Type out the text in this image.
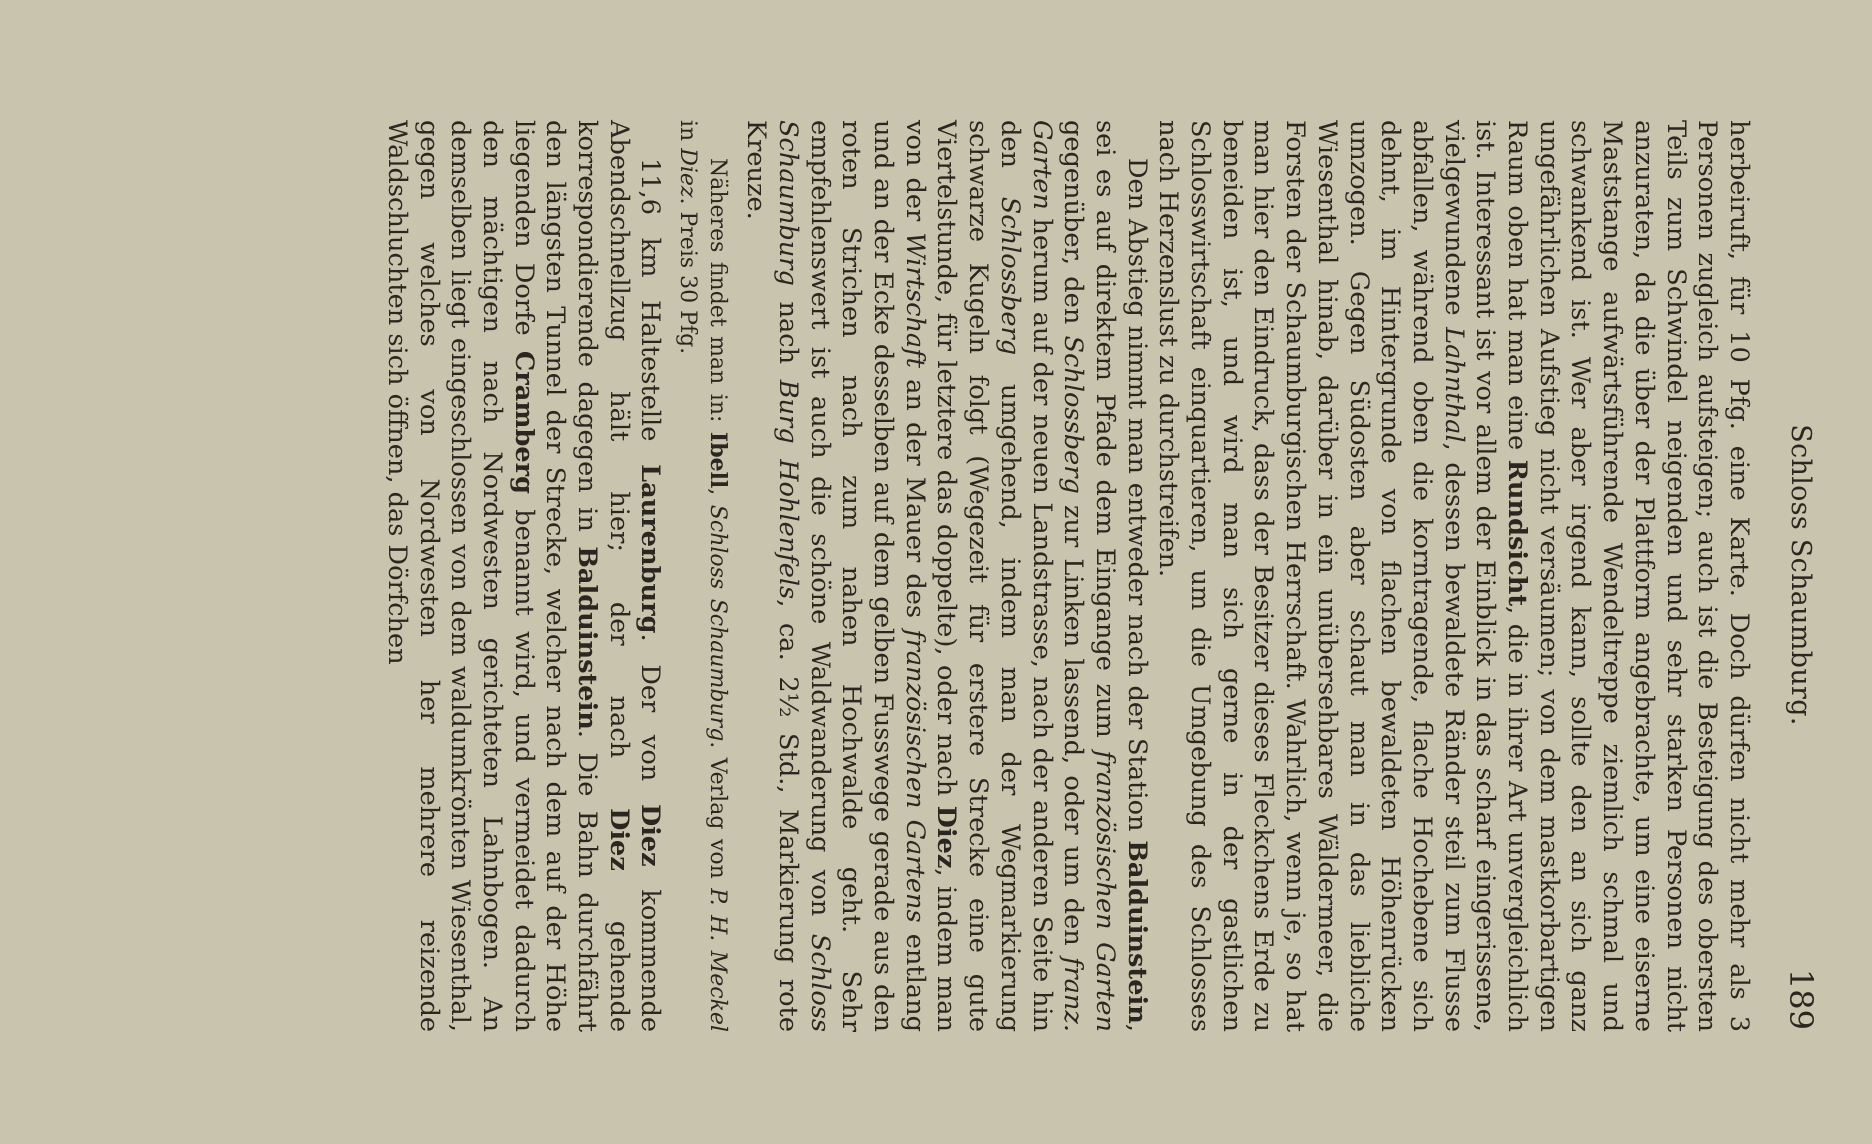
Schloss Schaumburg.
189

herbeiruft, für 10 Pfg. eine Karte. Doch dürfen nicht mehr als 3 Personen zugleich aufsteigen; auch ist die Besteigung des obersten Teils zum Schwindel neigenden und sehr starken Personen nicht anzuraten, da die über der Plattform angebrachte, um eine eiserne Maststange aufwärtsführende Wendeltreppe ziemlich schmal und schwankend ist. Wer aber irgend kann, sollte den an sich ganz ungefährlichen Aufstieg nicht versäumen; von dem mastkorbartigen Raum oben hat man eine Rundsicht, die in ihrer Art unvergleichlich ist. Interessant ist vor allem der Einblick in das scharf eingerissene, vielgewundene Lahnthal, dessen bewaldete Ränder steil zum Flusse abfallen, während oben die korntragende, flache Hochebene sich dehnt, im Hintergrunde von flachen bewaldeten Höhenrücken umzogen. Gegen Südosten aber schaut man in das liebliche Wiesenthal hinab, darüber in ein unübersehbares Wäldermeer, die Forsten der Schaumburgischen Herrschaft. Wahrlich, wenn je, so hat man hier den Eindruck, dass der Besitzer dieses Fleckchens Erde zu beneiden ist, und wird man sich gerne in der gastlichen Schlosswirtschaft einquartieren, um die Umgebung des Schlosses nach Herzenslust zu durchstreifen.

Den Abstieg nimmt man entweder nach der Station Balduinstein, sei es auf direktem Pfade dem Eingange zum französischen Garten gegenüber, den Schlossberg zur Linken lassend, oder um den franz. Garten herum auf der neuen Landstrasse, nach der anderen Seite hin den Schlossberg umgehend, indem man der Wegmarkierung schwarze Kugeln folgt (Wegezeit für erstere Strecke eine gute Viertelstunde, für letztere das doppelte), oder nach Diez, indem man von der Wirtschaft an der Mauer des französischen Gartens entlang und an der Ecke desselben auf dem gelben Fusswege gerade aus den roten Strichen nach zum nahen Hochwalde geht. Sehr empfehlenswert ist auch die schöne Waldwanderung von Schloss Schaumburg nach Burg Hohlenfels, ca. 2½ Std., Markierung rote Kreuze.

Näheres findet man in: Ibell, Schloss Schaumburg. Verlag von P. H. Meckel in Diez. Preis 30 Pfg.

11,6 km Haltestelle Laurenburg. Der von Diez kommende Abendschnellzug hält hier; der nach Diez gehende korrespondierende dagegen in Balduinstein. Die Bahn durchfährt den längsten Tunnel der Strecke, welcher nach dem auf der Höhe liegenden Dorfe Cramberg benannt wird, und vermeidet dadurch den mächtigen nach Nordwesten gerichteten Lahnbogen. An demselben liegt eingeschlossen von dem waldumkrönten Wiesenthal, gegen welches von Nordwesten her mehrere reizende Waldschluchten sich öffnen, das Dörfchen
